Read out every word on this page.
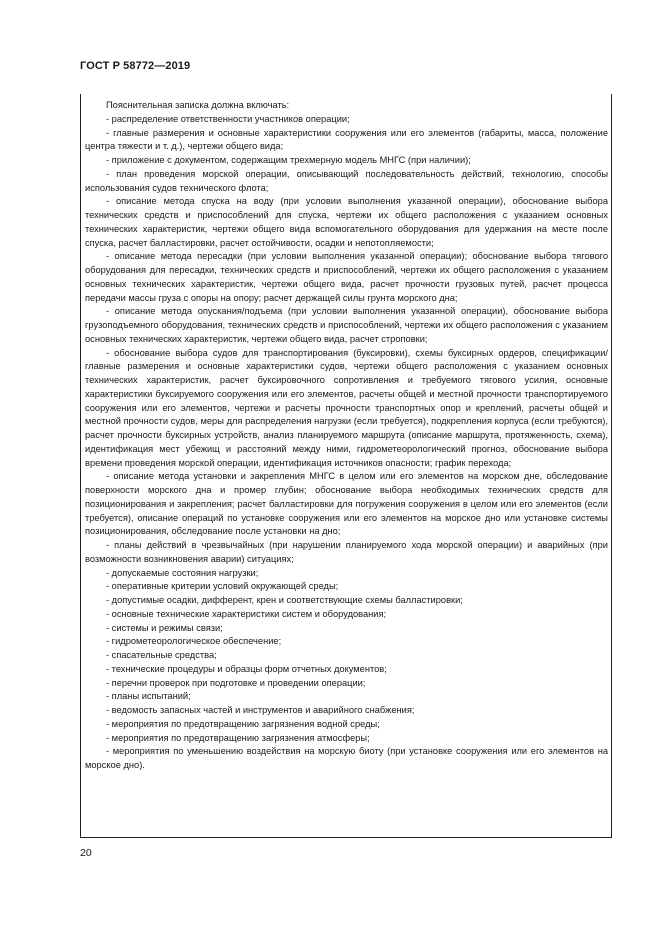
ГОСТ Р 58772—2019

Пояснительная записка должна включать:

- распределение ответственности участников операции;

- главные размерения и основные характеристики сооружения или его элементов (габариты, масса, положение центра тяжести и т. д.), чертежи общего вида;

- приложение с документом, содержащим трехмерную модель МНГС (при наличии);

- план проведения морской операции, описывающий последовательность действий, технологию, способы использования судов технического флота;

- описание метода спуска на воду (при условии выполнения указанной операции), обоснование выбора технических средств и приспособлений для спуска, чертежи их общего расположения с указанием основных технических характеристик, чертежи общего вида вспомогательного оборудования для удержания на месте после спуска, расчет балластировки, расчет остойчивости, осадки и непотопляемости;

- описание метода пересадки (при условии выполнения указанной операции); обоснование выбора тягового оборудования для пересадки, технических средств и приспособлений, чертежи их общего расположения с указанием основных технических характеристик, чертежи общего вида, расчет прочности грузовых путей, расчет процесса передачи массы груза с опоры на опору; расчет держащей силы грунта морского дна;

- описание метода опускания/подъема (при условии выполнения указанной операции), обоснование выбора грузоподъемного оборудования, технических средств и приспособлений, чертежи их общего расположения с указанием основных технических характеристик, чертежи общего вида, расчет строповки;

- обоснование выбора судов для транспортирования (буксировки), схемы буксирных ордеров, спецификации/главные размерения и основные характеристики судов, чертежи общего расположения с указанием основных технических характеристик, расчет буксировочного сопротивления и требуемого тягового усилия, основные характеристики буксируемого сооружения или его элементов, расчеты общей и местной прочности транспортируемого сооружения или его элементов, чертежи и расчеты прочности транспортных опор и креплений, расчеты общей и местной прочности судов, меры для распределения нагрузки (если требуется), подкрепления корпуса (если требуются), расчет прочности буксирных устройств, анализ планируемого маршрута (описание маршрута, протяженность, схема), идентификация мест убежищ и расстояний между ними, гидрометеорологический прогноз, обоснование выбора времени проведения морской операции, идентификация источников опасности; график перехода;

- описание метода установки и закрепления МНГС в целом или его элементов на морском дне, обследование поверхности морского дна и промер глубин; обоснование выбора необходимых технических средств для позиционирования и закрепления; расчет балластировки для погружения сооружения в целом или его элементов (если требуется), описание операций по установке сооружения или его элементов на морское дно или установке системы позиционирования, обследование после установки на дно;

- планы действий в чрезвычайных (при нарушении планируемого хода морской операции) и аварийных (при возможности возникновения аварии) ситуациях;

- допускаемые состояния нагрузки;

- оперативные критерии условий окружающей среды;

- допустимые осадки, дифферент, крен и соответствующие схемы балластировки;

- основные технические характеристики систем и оборудования;

- системы и режимы связи;

- гидрометеорологическое обеспечение;

- спасательные средства;

- технические процедуры и образцы форм отчетных документов;

- перечни проверок при подготовке и проведении операции;

- планы испытаний;

- ведомость запасных частей и инструментов и аварийного снабжения;

- мероприятия по предотвращению загрязнения водной среды;

- мероприятия по предотвращению загрязнения атмосферы;

- мероприятия по уменьшению воздействия на морскую биоту (при установке сооружения или его элементов на морское дно).

20
